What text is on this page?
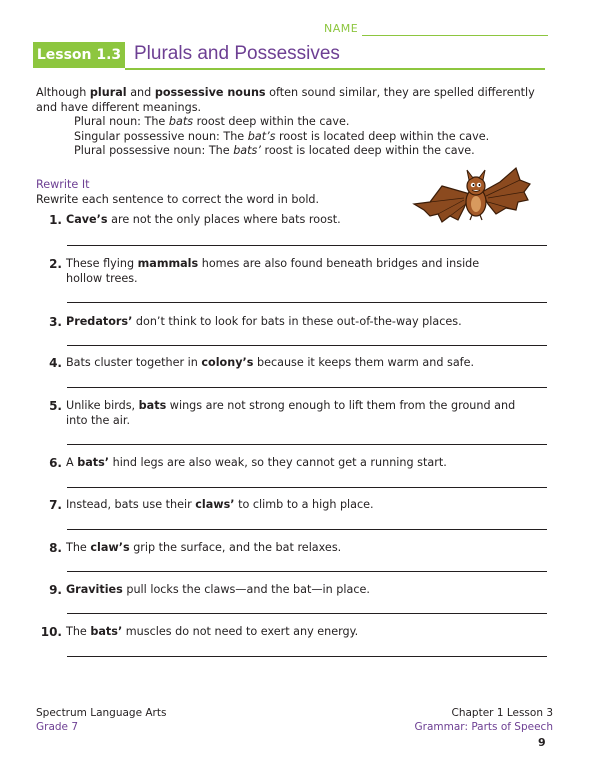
NAME
Lesson 1.3 Plurals and Possessives

Although plural and possessive nouns often sound similar, they are spelled differently and have different meanings.

Plural noun: The bats roost deep within the cave.

Singular possessive noun: The bat’s roost is located deep within the cave.

Plural possessive noun: The bats’ roost is located deep within the cave.

Rewrite It
Rewrite each sentence to correct the word in bold.
1. Cave’s are not the only places where bats roost.
2. These flying mammals homes are also found beneath bridges and inside hollow trees.
3. Predators’ don’t think to look for bats in these out-of-the-way places.
4. Bats cluster together in colony’s because it keeps them warm and safe.
5. Unlike birds, bats wings are not strong enough to lift them from the ground and into the air.
6. A bats’ hind legs are also weak, so they cannot get a running start.
7. Instead, bats use their claws’ to climb to a high place.
8. The claw’s grip the surface, and the bat relaxes.
9. Gravities pull locks the claws—and the bat—in place.
10. The bats’ muscles do not need to exert any energy.
Spectrum Language Arts
Grade 7
Chapter 1 Lesson 3
Grammar: Parts of Speech
9
